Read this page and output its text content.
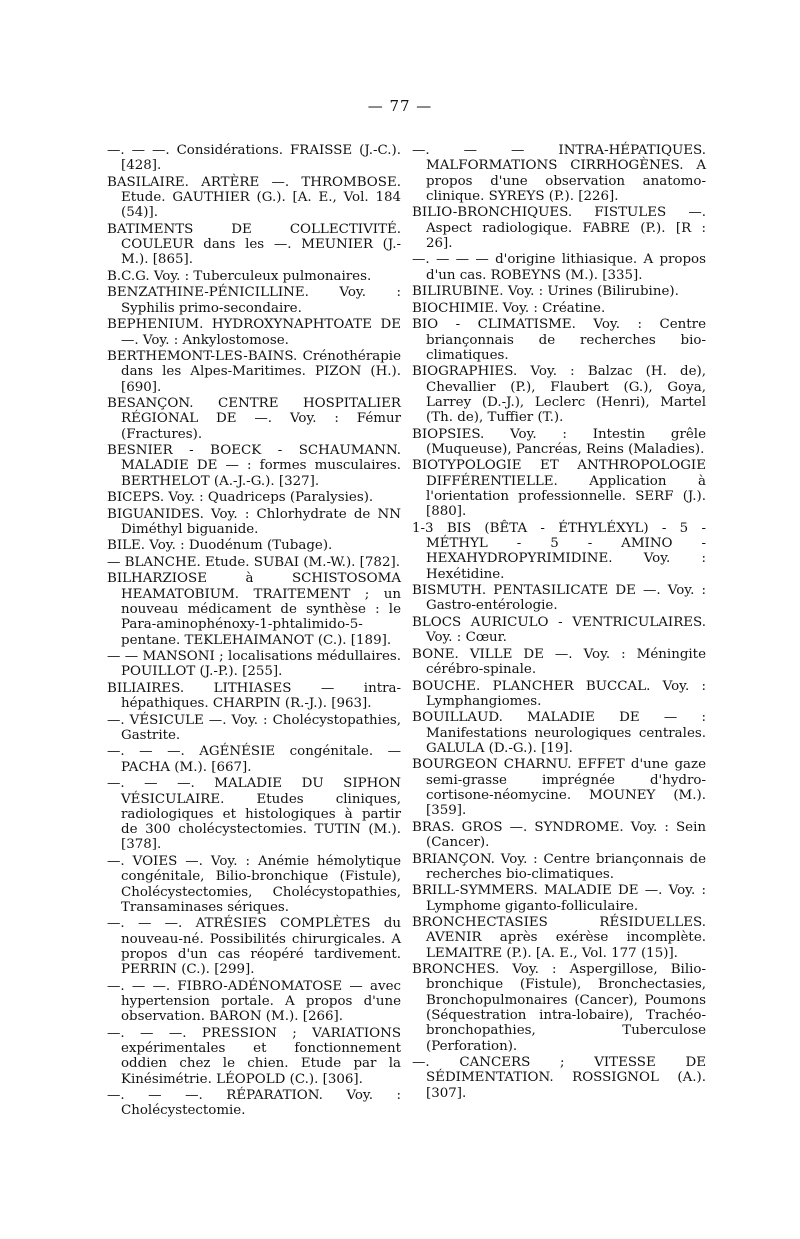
— 77 —

—. — —. Considérations. FRAISSE (J.-C.). [428].

BASILAIRE. ARTÈRE —. THROMBOSE. Etude. GAUTHIER (G.). [A. E., Vol. 184 (54)].

BATIMENTS DE COLLECTIVITÉ. COULEUR dans les —. MEUNIER (J.-M.). [865].

B.C.G. Voy. : Tuberculeux pulmonaires.

BENZATHINE-PÉNICILLINE. Voy. : Syphilis primo-secondaire.

BEPHENIUM. HYDROXYNAPHTOATE DE —. Voy. : Ankylostomose.

BERTHEMONT-LES-BAINS. Crénothérapie dans les Alpes-Maritimes. PIZON (H.). [690].

BESANÇON. CENTRE HOSPITALIER RÉGIONAL DE —. Voy. : Fémur (Fractures).

BESNIER - BOECK - SCHAUMANN. MALADIE DE — : formes musculaires. BERTHELOT (A.-J.-G.). [327].

BICEPS. Voy. : Quadriceps (Paralysies).

BIGUANIDES. Voy. : Chlorhydrate de NN Diméthyl biguanide.

BILE. Voy. : Duodénum (Tubage).

— BLANCHE. Etude. SUBAI (M.-W.). [782].

BILHARZIOSE à SCHISTOSOMA HEAMATOBIUM. TRAITEMENT ; un nouveau médicament de synthèse : le Para-aminophénoxy-1-phtalimido-5-pentane. TEKLEHAIMANOT (C.). [189].

— — MANSONI ; localisations médullaires. POUILLOT (J.-P.). [255].

BILIAIRES. LITHIASES — intra-hépathiques. CHARPIN (R.-J.). [963].

—. VÉSICULE —. Voy. : Cholécystopathies, Gastrite.

—. — —. AGÉNÉSIE congénitale. — PACHA (M.). [667].

—. — —. MALADIE DU SIPHON VÉSICULAIRE. Etudes cliniques, radiologiques et histologiques à partir de 300 cholécystectomies. TUTIN (M.). [378].

—. VOIES —. Voy. : Anémie hémolytique congénitale, Bilio-bronchique (Fistule), Cholécystectomies, Cholécystopathies, Transaminases sériques.

—. — —. ATRÉSIES COMPLÈTES du nouveau-né. Possibilités chirurgicales. A propos d'un cas réopéré tardivement. PERRIN (C.). [299].

—. — —. FIBRO-ADÉNOMATOSE — avec hypertension portale. A propos d'une observation. BARON (M.). [266].

—. — —. PRESSION ; VARIATIONS expérimentales et fonctionnement oddien chez le chien. Etude par la Kinésimétrie. LÉOPOLD (C.). [306].

—. — —. RÉPARATION. Voy. : Cholécystectomie.

—. — — INTRA-HÉPATIQUES. MALFORMATIONS CIRRHOGÈNES. A propos d'une observation anatomo-clinique. SYREYS (P.). [226].

BILIO-BRONCHIQUES. FISTULES —. Aspect radiologique. FABRE (P.). [R : 26].

—. — — — d'origine lithiasique. A propos d'un cas. ROBEYNS (M.). [335].

BILIRUBINE. Voy. : Urines (Bilirubine).

BIOCHIMIE. Voy. : Créatine.

BIO - CLIMATISME. Voy. : Centre briançonnais de recherches bio-climatiques.

BIOGRAPHIES. Voy. : Balzac (H. de), Chevallier (P.), Flaubert (G.), Goya, Larrey (D.-J.), Leclerc (Henri), Martel (Th. de), Tuffier (T.).

BIOPSIES. Voy. : Intestin grêle (Muqueuse), Pancréas, Reins (Maladies).

BIOTYPOLOGIE ET ANTHROPOLOGIE DIFFÉRENTIELLE. Application à l'orientation professionnelle. SERF (J.). [880].

1-3 BIS (BÊTA - ÉTHYLÉXYL) - 5 - MÉTHYL - 5 - AMINO - HEXAHYDROPYRIMIDINE. Voy. : Hexétidine.

BISMUTH. PENTASILICATE DE —. Voy. : Gastro-entérologie.

BLOCS AURICULO - VENTRICULAIRES. Voy. : Cœur.

BONE. VILLE DE —. Voy. : Méningite cérébro-spinale.

BOUCHE. PLANCHER BUCCAL. Voy. : Lymphangiomes.

BOUILLAUD. MALADIE DE — : Manifestations neurologiques centrales. GALULA (D.-G.). [19].

BOURGEON CHARNU. EFFET d'une gaze semi-grasse imprégnée d'hydro-cortisone-néomycine. MOUNEY (M.). [359].

BRAS. GROS —. SYNDROME. Voy. : Sein (Cancer).

BRIANÇON. Voy. : Centre briançonnais de recherches bio-climatiques.

BRILL-SYMMERS. MALADIE DE —. Voy. : Lymphome giganto-folliculaire.

BRONCHECTASIES RÉSIDUELLES. AVENIR après exérèse incomplète. LEMAITRE (P.). [A. E., Vol. 177 (15)].

BRONCHES. Voy. : Aspergillose, Bilio-bronchique (Fistule), Bronchectasies, Bronchopulmonaires (Cancer), Poumons (Séquestration intra-lobaire), Trachéo-bronchopathies, Tuberculose (Perforation).

—. CANCERS ; VITESSE DE SÉDIMENTATION. ROSSIGNOL (A.). [307].
